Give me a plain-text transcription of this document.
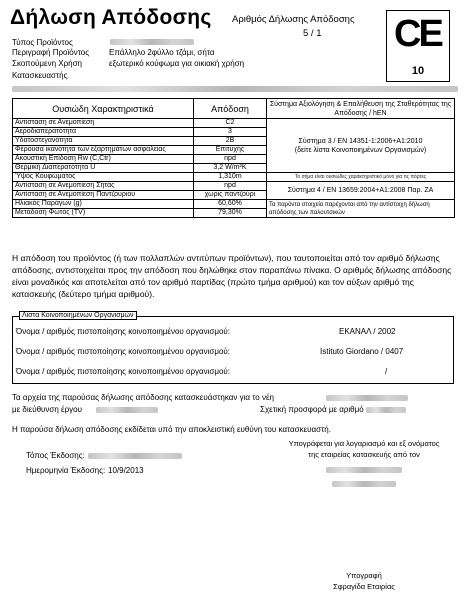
Δήλωση Απόδοσης Αριθμός Δήλωσης Απόδοσης
5 / 1 CE
10
Τύπος Προϊόντος
Περιγραφή Προϊόντος Επάλληλο 2φύλλο τζάμι, σήτα
Σκοπούμενη Χρήση	εξωτερικό κούφωμα για οικιακή χρήση
Κατασκευαστής
Ουσιώδη Χαρακτηριστικά	Απόδοση	Σύστημα Αξιολόγηση & Επαλήθευση της Σταθερότητας της Απόδοσης / hEN
Αντίσταση σε Ανεμοπίεση	C2	Σύστημα 3 / EN 14351-1:2006+A1:2010
(δείτε λίστα Κοινοποιημένων Οργανισμών)

Αεροδιαπερατότητα	3	
Υδατοστεγανότητα	2B	
Φέρουσα ικανότητα των εξαρτημάτων ασφαλείας	Επιτυχής	
Ακουστική Επίδοση Rw (C,Ctr)	npd	
Θερμική Διαπερατότητα U	3,2 W/m²K	
Ύψος Κουφώματος	1,310m	Το σήμα είναι ουσιώδες χαρακτηριστικό μόνο για τις πόρτες
Αντίσταση σε Ανεμοπίεση Σήτας	npd	Σύστημα 4 / EN 13659:2004+A1:2008 Παρ. ZA
Αντίσταση σε Ανεμοπίεση Παντζουριού	χωρίς παντζούρι	
Ηλιακός Παράγων (g)	60,60%	Τα παρόντα στοιχεία παρέχονται από την αντίστοιχη δήλωση απόδοσης των παλουτσικών
Μετάδοση Φωτός (TV)	79,30%	
Η απόδοση του προϊόντος (ή των πολλαπλών αντιτύπων προϊόντων), που ταυτοποιείται από τον αριθμό δήλωσης απόδοσης, αντιστοιχείται προς την απόδοση που δηλώθηκε στον παραπάνω πίνακα. Ο αριθμός δήλωσης απόδοσης είναι μοναδικός και αποτελείται από τον αριθμό παρτίδας (πρώτο τμήμα αριθμού) και τον αύξων αριθμό της κατασκευής (δεύτερο τμήμα αριθμού).
Λίστα Κοινοποιημένων Οργανισμών
Όνομα / αριθμός πιστοποίησης κοινοποιημένου οργανισμού:	ΕΚΑΝΑΛ / 2002
Όνομα / αριθμός πιστοποίησης κοινοποιημένου οργανισμού:	Istituto Giordano / 0407
Όνομα / αριθμός πιστοποίησης κοινοποιημένου οργανισμού:	/
Τα αρχεία της παρούσας δήλωσης απόδοσης κατασκευάστηκαν για το νέη
με διεύθυνση έργου	Σχετική προσφορά με αριθμό
Η παρούσα δήλωση απόδοσης εκδίδεται υπό την αποκλειστική ευθύνη του κατασκευαστή.
Τόπος Έκδοσης:
Ημερομηνία Έκδοσης: 10/9/2013
Υπογράφεται για λογαριασμό και εξ ονόματος
της εταιρείας κατασκευής από τον
Υπογραφή
Σφραγίδα Εταιρίας
